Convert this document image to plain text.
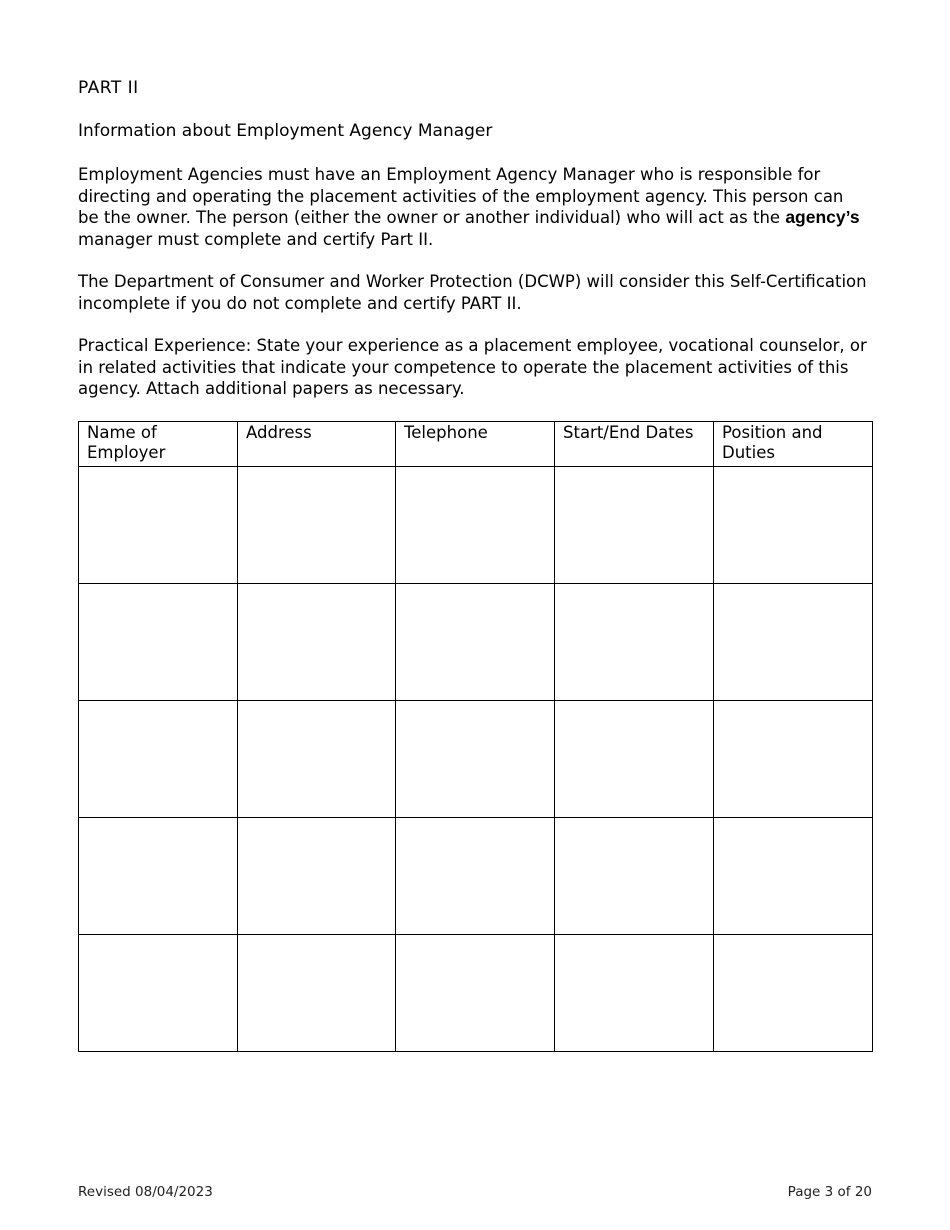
PART II
Information about Employment Agency Manager

Employment Agencies must have an Employment Agency Manager who is responsible for directing and operating the placement activities of the employment agency. This person can be the owner. The person (either the owner or another individual) who will act as the agency’s manager must complete and certify Part II.

The Department of Consumer and Worker Protection (DCWP) will consider this Self-Certification incomplete if you do not complete and certify PART II.

Practical Experience: State your experience as a placement employee, vocational counselor, or in related activities that indicate your competence to operate the placement activities of this agency. Attach additional papers as necessary.

Name of Employer	Address	Telephone	Start/End Dates	Position and Duties

Revised 08/04/2023	Page 3 of 20
